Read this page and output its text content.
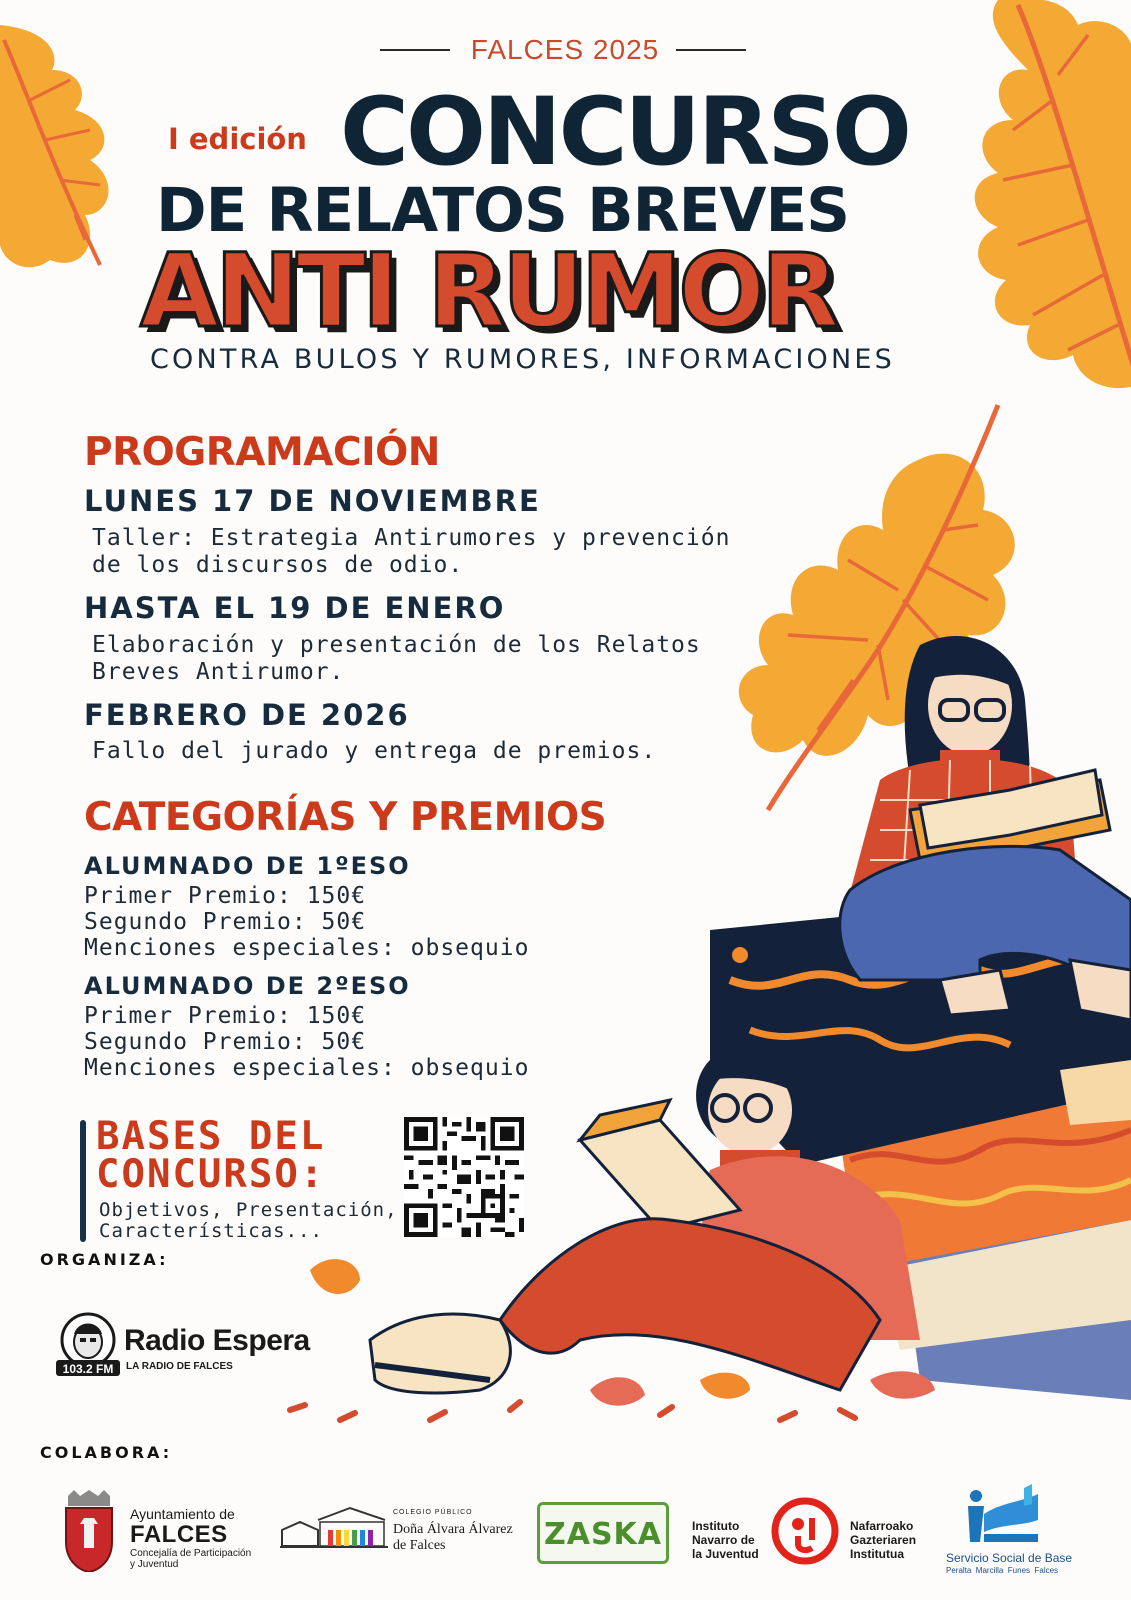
FALCES 2025
I edición CONCURSO
DE RELATOS BREVES
ANTI RUMOR
CONTRA BULOS Y RUMORES, INFORMACIONES
PROGRAMACIÓN
LUNES 17 DE NOVIEMBRE
Taller: Estrategia Antirumores y prevención
de los discursos de odio.
HASTA EL 19 DE ENERO
Elaboración y presentación de los Relatos
Breves Antirumor.
FEBRERO DE 2026
Fallo del jurado y entrega de premios.
CATEGORÍAS Y PREMIOS
ALUMNADO DE 1ºESO
Primer Premio: 150€
Segundo Premio: 50€
Menciones especiales: obsequio
ALUMNADO DE 2ºESO
Primer Premio: 150€
Segundo Premio: 50€
Menciones especiales: obsequio
BASES DEL
CONCURSO:
Objetivos, Presentación,
Características...
ORGANIZA:
103.2 FM
Radio Espera
LA RADIO DE FALCES
COLABORA:
Ayuntamiento de
FALCES
Concejalía de Participación
y Juventud
COLEGIO PÚBLICO
Doña Álvara Álvarez
de Falces	ZASKA	Instituto
Navarro de
la Juventud
Nafarroako
Gazteriaren
Institutua	Servicio Social de Base
Peralta  Marcilla  Funes  Falces
